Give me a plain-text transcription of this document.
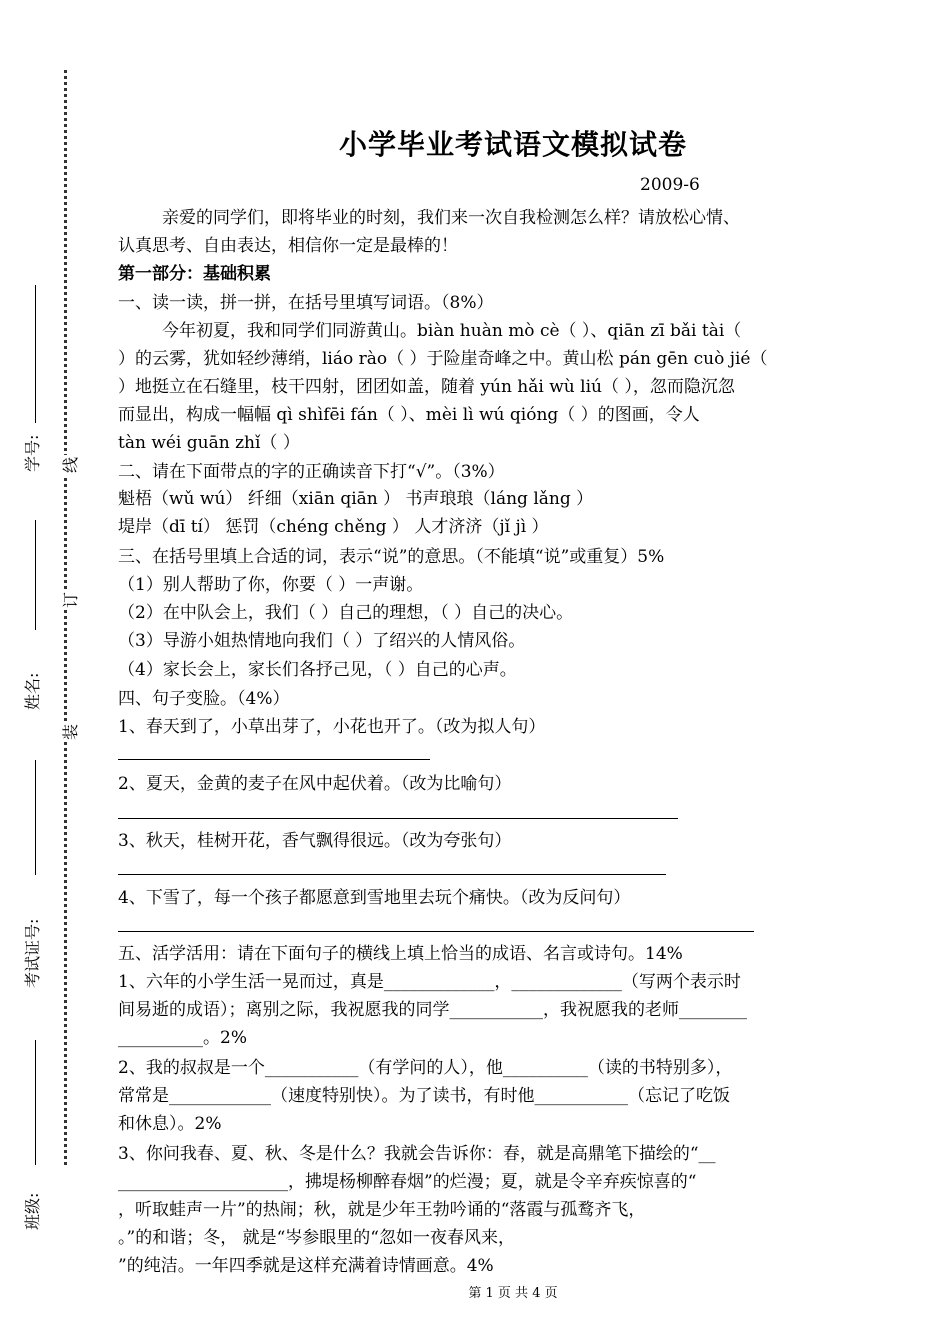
学号:
姓名:
考试证号:
班级:
线
订
装
小学毕业考试语文模拟试卷
2009-6
亲爱的同学们，即将毕业的时刻，我们来一次自我检测怎么样？请放松心情、
认真思考、自由表达，相信你一定是最棒的！
第一部分：基础积累
一、读一读，拼一拼，在括号里填写词语。（8%）
今年初夏，我和同学们同游黄山。biàn huàn mò cè（ ）、qiān zī bǎi tài（
）的云雾，犹如轻纱薄绡，liáo rào（ ）于险崖奇峰之中。黄山松 pán gēn cuò jié（
）地挺立在石缝里，枝干四射，团团如盖，随着 yún hǎi wù liú（ ），忽而隐沉忽
而显出，构成一幅幅 qì shìfēi fán（ ）、mèi lì wú qióng（ ）的图画，令人
tàn wéi guān zhǐ（ ）
二、请在下面带点的字的正确读音下打“√”。（3%）
魁梧（wǔ wú） 纤细（xiān qiān ） 书声琅琅（láng lǎng ）
堤岸（dī tí） 惩罚（chéng chěng ） 人才济济（jǐ jì ）
三、在括号里填上合适的词，表示“说”的意思。（不能填“说”或重复）5%
（1）别人帮助了你，你要（ ）一声谢。
（2）在中队会上，我们（ ）自己的理想，（ ）自己的决心。
（3）导游小姐热情地向我们（ ）了绍兴的人情风俗。
（4）家长会上，家长们各抒己见，（ ）自己的心声。
四、句子变脸。（4%）
1、春天到了，小草出芽了，小花也开了。（改为拟人句）
2、夏天，金黄的麦子在风中起伏着。（改为比喻句）
3、秋天，桂树开花，香气飘得很远。（改为夸张句）
4、下雪了，每一个孩子都愿意到雪地里去玩个痛快。（改为反问句）
五、活学活用：请在下面句子的横线上填上恰当的成语、名言或诗句。14%
1、六年的小学生活一晃而过，真是_____________，_____________（写两个表示时
间易逝的成语）；离别之际，我祝愿我的同学___________，我祝愿我的老师________
__________。2%
2、我的叔叔是一个___________（有学问的人），他__________（读的书特别多），
常常是____________（速度特别快）。为了读书，有时他___________（忘记了吃饭
和休息）。2%
3、你问我春、夏、秋、冬是什么？我就会告诉你：春，就是高鼎笔下描绘的“__
____________________，拂堤杨柳醉春烟”的烂漫；夏，就是令辛弃疾惊喜的“
，听取蛙声一片”的热闹；秋，就是少年王勃吟诵的“落霞与孤鹜齐飞，
。”的和谐；冬， 就是“岑参眼里的“忽如一夜春风来，
”的纯洁。一年四季就是这样充满着诗情画意。4%
第 1 页 共 4 页
